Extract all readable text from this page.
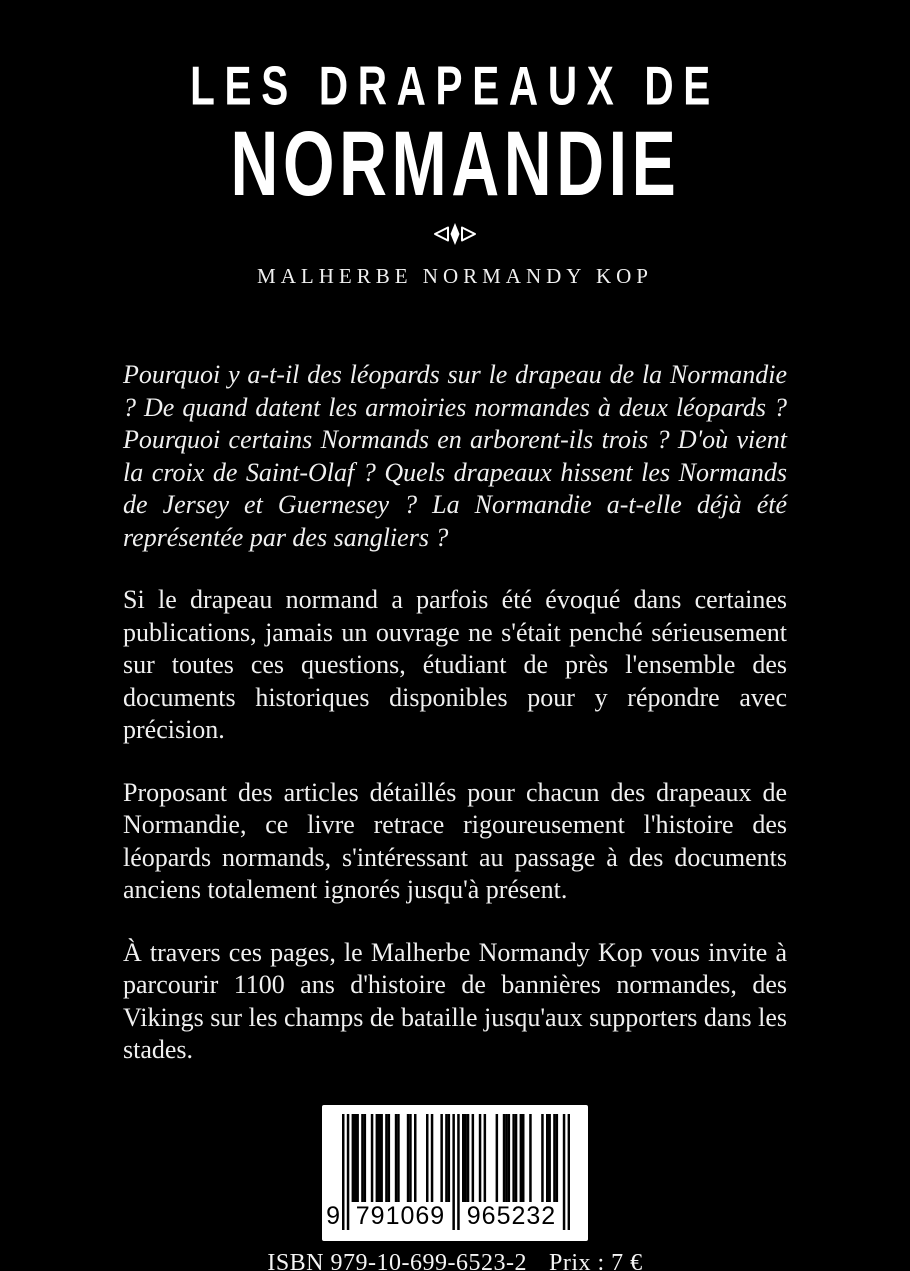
LES DRAPEAUX DE
NORMANDIE
MALHERBE NORMANDY KOP

Pourquoi y a-t-il des léopards sur le drapeau de la Normandie ? De quand datent les armoiries normandes à deux léopards ? Pourquoi certains Normands en arborent-ils trois ? D'où vient la croix de Saint-Olaf ? Quels drapeaux hissent les Normands de Jersey et Guernesey ? La Normandie a-t-elle déjà été représentée par des sangliers ?

Si le drapeau normand a parfois été évoqué dans certaines publications, jamais un ouvrage ne s'était penché sérieusement sur toutes ces questions, étudiant de près l'ensemble des documents historiques disponibles pour y répondre avec précision.

Proposant des articles détaillés pour chacun des drapeaux de Normandie, ce livre retrace rigoureusement l'histoire des léopards normands, s'intéressant au passage à des documents anciens totalement ignorés jusqu'à présent.

À travers ces pages, le Malherbe Normandy Kop vous invite à parcourir 1100 ans d'histoire de bannières normandes, des Vikings sur les champs de bataille jusqu'aux supporters dans les stades.

9 791069 965232
ISBN 979-10-699-6523-2 Prix : 7 €
